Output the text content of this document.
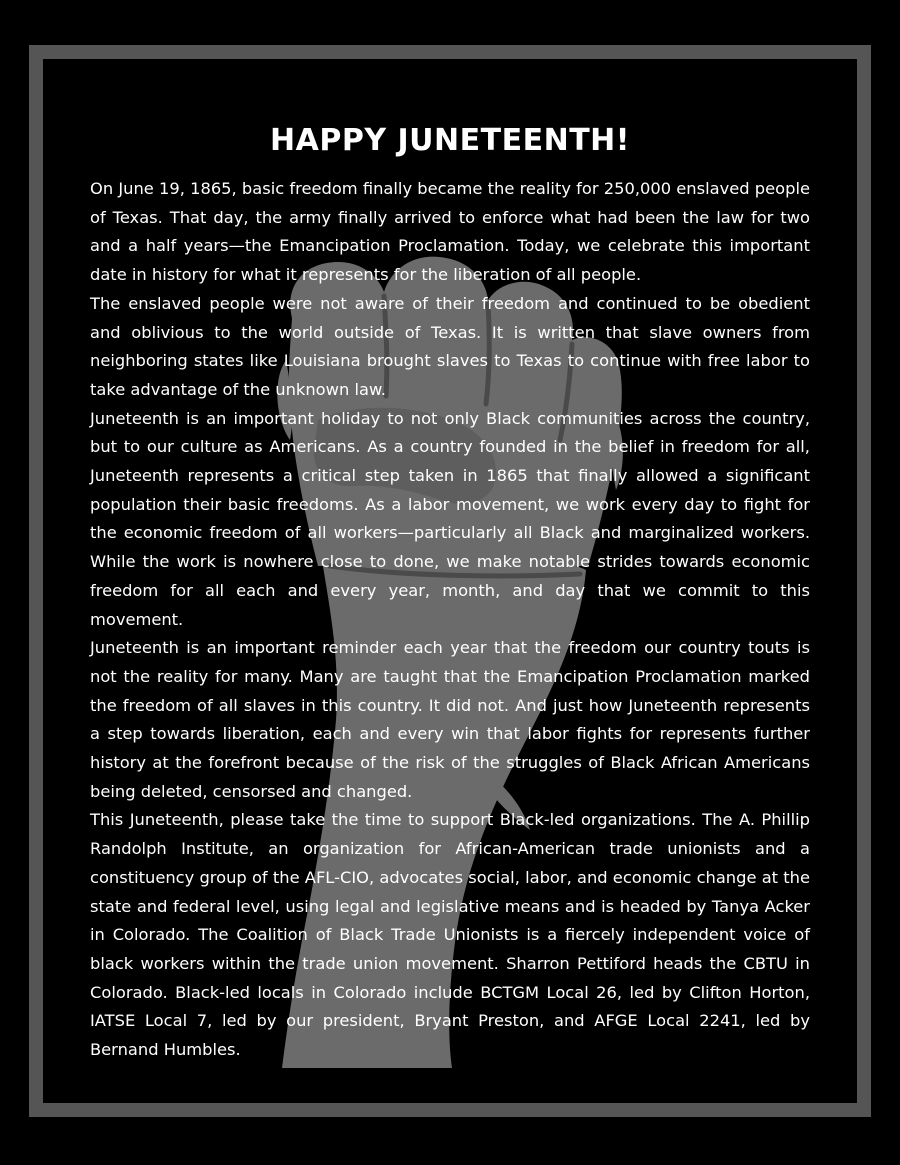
HAPPY JUNETEENTH!

On June 19, 1865, basic freedom finally became the reality for 250,000 enslaved people of Texas. That day, the army finally arrived to enforce what had been the law for two and a half years—the Emancipation Proclamation. Today, we celebrate this important date in history for what it represents for the liberation of all people.

The enslaved people were not aware of their freedom and continued to be obedient and oblivious to the world outside of Texas. It is written that slave owners from neighboring states like Louisiana brought slaves to Texas to continue with free labor to take advantage of the unknown law.

Juneteenth is an important holiday to not only Black communities across the country, but to our culture as Americans. As a country founded in the belief in freedom for all, Juneteenth represents a critical step taken in 1865 that finally allowed a significant population their basic freedoms. As a labor movement, we work every day to fight for the economic freedom of all workers—particularly all Black and marginalized workers. While the work is nowhere close to done, we make notable strides towards economic freedom for all each and every year, month, and day that we commit to this movement.

Juneteenth is an important reminder each year that the freedom our country touts is not the reality for many. Many are taught that the Emancipation Proclamation marked the freedom of all slaves in this country. It did not. And just how Juneteenth represents a step towards liberation, each and every win that labor fights for represents further history at the forefront because of the risk of the struggles of Black African Americans being deleted, censorsed and changed.

This Juneteenth, please take the time to support Black-led organizations. The A. Phillip Randolph Institute, an organization for African-American trade unionists and a constituency group of the AFL-CIO, advocates social, labor, and economic change at the state and federal level, using legal and legislative means and is headed by Tanya Acker in Colorado. The Coalition of Black Trade Unionists is a fiercely independent voice of black workers within the trade union movement. Sharron Pettiford heads the CBTU in Colorado. Black-led locals in Colorado include BCTGM Local 26, led by Clifton Horton, IATSE Local 7, led by our president, Bryant Preston, and AFGE Local 2241, led by Bernand Humbles.
